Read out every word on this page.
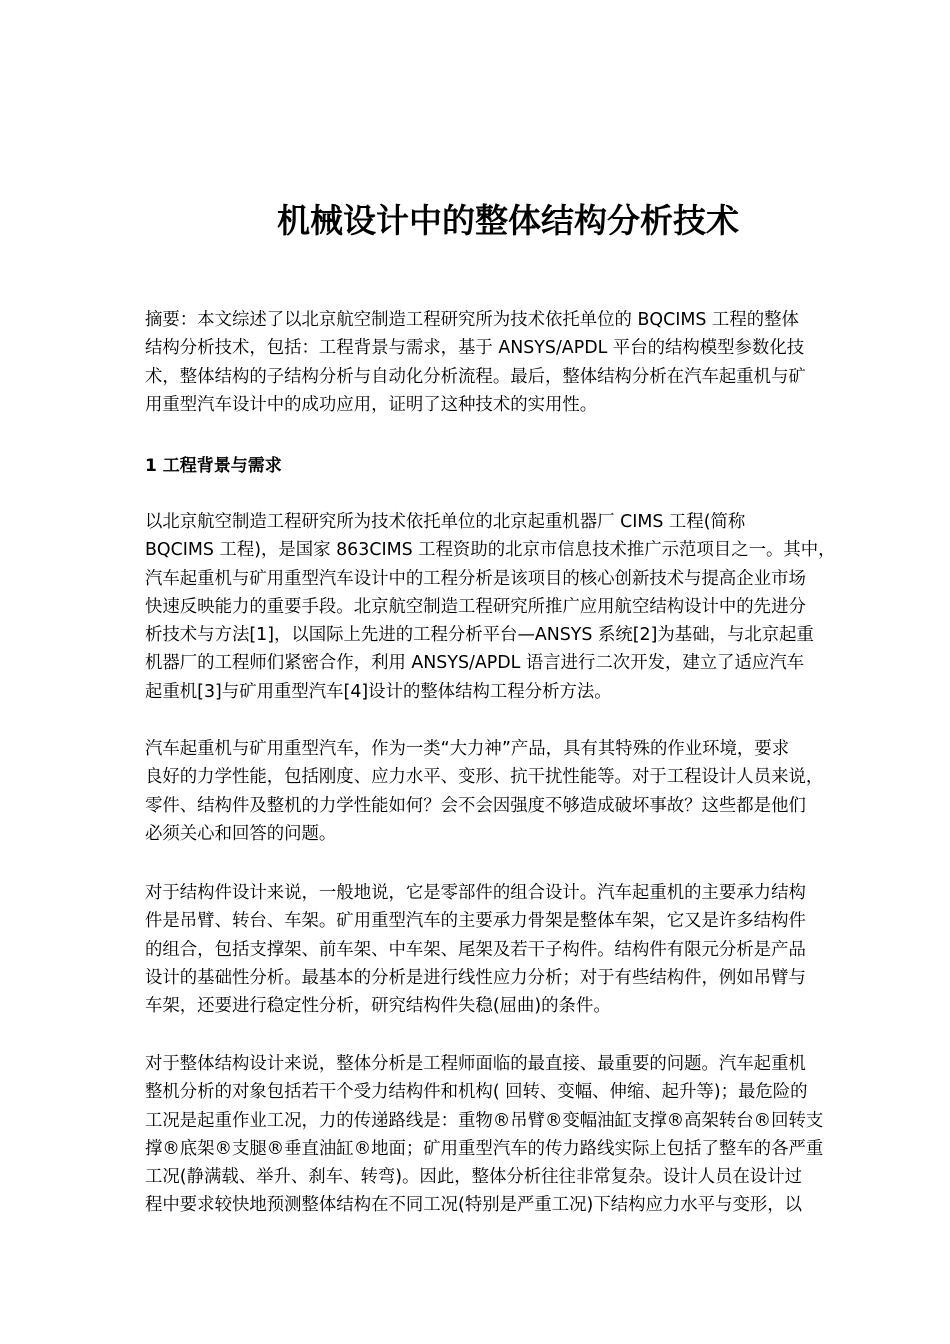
机械设计中的整体结构分析技术

摘要：本文综述了以北京航空制造工程研究所为技术依托单位的 BQCIMS 工程的整体
结构分析技术，包括：工程背景与需求，基于 ANSYS/APDL 平台的结构模型参数化技
术，整体结构的子结构分析与自动化分析流程。最后，整体结构分析在汽车起重机与矿
用重型汽车设计中的成功应用，证明了这种技术的实用性。

1 工程背景与需求

以北京航空制造工程研究所为技术依托单位的北京起重机器厂 CIMS 工程(简称
BQCIMS 工程)，是国家 863CIMS 工程资助的北京市信息技术推广示范项目之一。其中，
汽车起重机与矿用重型汽车设计中的工程分析是该项目的核心创新技术与提高企业市场
快速反映能力的重要手段。北京航空制造工程研究所推广应用航空结构设计中的先进分
析技术与方法[1]，以国际上先进的工程分析平台—ANSYS 系统[2]为基础，与北京起重
机器厂的工程师们紧密合作，利用 ANSYS/APDL 语言进行二次开发，建立了适应汽车
起重机[3]与矿用重型汽车[4]设计的整体结构工程分析方法。

汽车起重机与矿用重型汽车，作为一类“大力神”产品，具有其特殊的作业环境，要求
良好的力学性能，包括刚度、应力水平、变形、抗干扰性能等。对于工程设计人员来说，
零件、结构件及整机的力学性能如何？会不会因强度不够造成破坏事故？这些都是他们
必须关心和回答的问题。

对于结构件设计来说，一般地说，它是零部件的组合设计。汽车起重机的主要承力结构
件是吊臂、转台、车架。矿用重型汽车的主要承力骨架是整体车架，它又是许多结构件
的组合，包括支撑架、前车架、中车架、尾架及若干子构件。结构件有限元分析是产品
设计的基础性分析。最基本的分析是进行线性应力分析；对于有些结构件，例如吊臂与
车架，还要进行稳定性分析，研究结构件失稳(屈曲)的条件。

对于整体结构设计来说，整体分析是工程师面临的最直接、最重要的问题。汽车起重机
整机分析的对象包括若干个受力结构件和机构( 回转、变幅、伸缩、起升等)；最危险的
工况是起重作业工况，力的传递路线是：重物®吊臂®变幅油缸支撑®高架转台®回转支
撑®底架®支腿®垂直油缸®地面；矿用重型汽车的传力路线实际上包括了整车的各严重
工况(静满载、举升、刹车、转弯)。因此，整体分析往往非常复杂。设计人员在设计过
程中要求较快地预测整体结构在不同工况(特别是严重工况)下结构应力水平与变形，以
